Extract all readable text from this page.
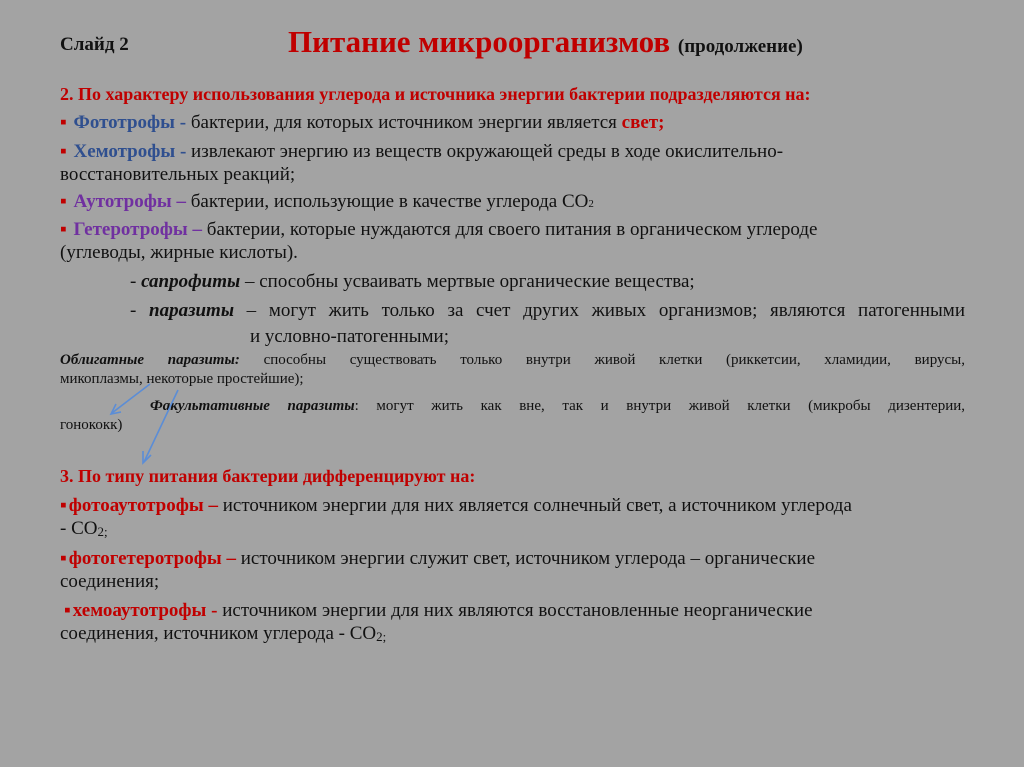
Слайд 2	Питание микроорганизмов (продолжение)
2. По характеру использования углерода и источника энергии бактерии подразделяются на:
▪ Фототрофы - бактерии, для которых источником энергии является свет;
▪ Хемотрофы - извлекают энергию из веществ окружающей среды в ходе окислительно-
восстановительных реакций;
▪ Аутотрофы – бактерии, использующие в качестве углерода CO2
▪ Гетеротрофы – бактерии, которые нуждаются для своего питания в органическом углероде
(углеводы, жирные кислоты).
- сапрофиты – способны усваивать мертвые органические вещества;
- паразиты – могут жить только за счет других живых организмов; являются патогенными
и условно-патогенными;
Облигатные паразиты: способны существовать только внутри живой клетки (риккетсии, хламидии, вирусы,
микоплазмы, некоторые простейшие);
Факультативные паразиты: могут жить как вне, так и внутри живой клетки (микробы дизентерии,
гонококк)
3. По типу питания бактерии дифференцируют на:
▪ фотоаутотрофы – источником энергии для них является солнечный свет, а источником углерода
- CO2;
▪ фотогетеротрофы – источником энергии служит свет, источником углерода – органические
соединения;
▪ хемоаутотрофы - источником энергии для них являются восстановленные неорганические
соединения, источником углерода - CO2;
